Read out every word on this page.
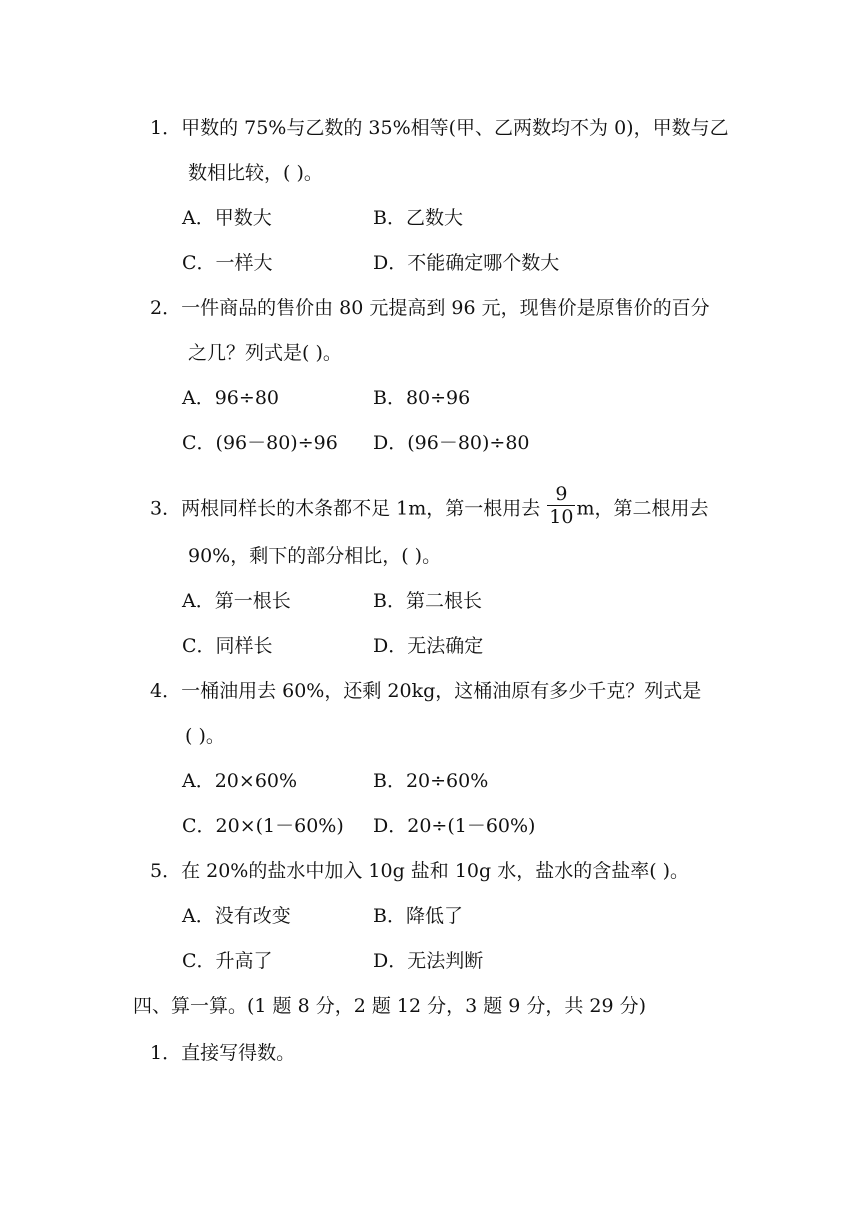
1．甲数的 75%与乙数的 35%相等(甲、乙两数均不为 0)，甲数与乙
数相比较，( )。
A．甲数大	B．乙数大
C．一样大	D．不能确定哪个数大
2．一件商品的售价由 80 元提高到 96 元，现售价是原售价的百分
之几？列式是( )。
A．96÷80	B．80÷96
C．(96－80)÷96 D．(96－80)÷80
3．两根同样长的木条都不足 1m，第一根用去 $\frac{9}{10}$ m，第二根用去
90%，剩下的部分相比，( )。
A．第一根长	B．第二根长
C．同样长	D．无法确定
4．一桶油用去 60%，还剩 20kg，这桶油原有多少千克？列式是
( )。
A．20×60%	B．20÷60%
C．20×(1－60%) D．20÷(1－60%)
5．在 20%的盐水中加入 10g 盐和 10g 水，盐水的含盐率( )。
A．没有改变	B．降低了
C．升高了	D．无法判断
四、算一算。(1 题 8 分，2 题 12 分，3 题 9 分，共 29 分)
1．直接写得数。
